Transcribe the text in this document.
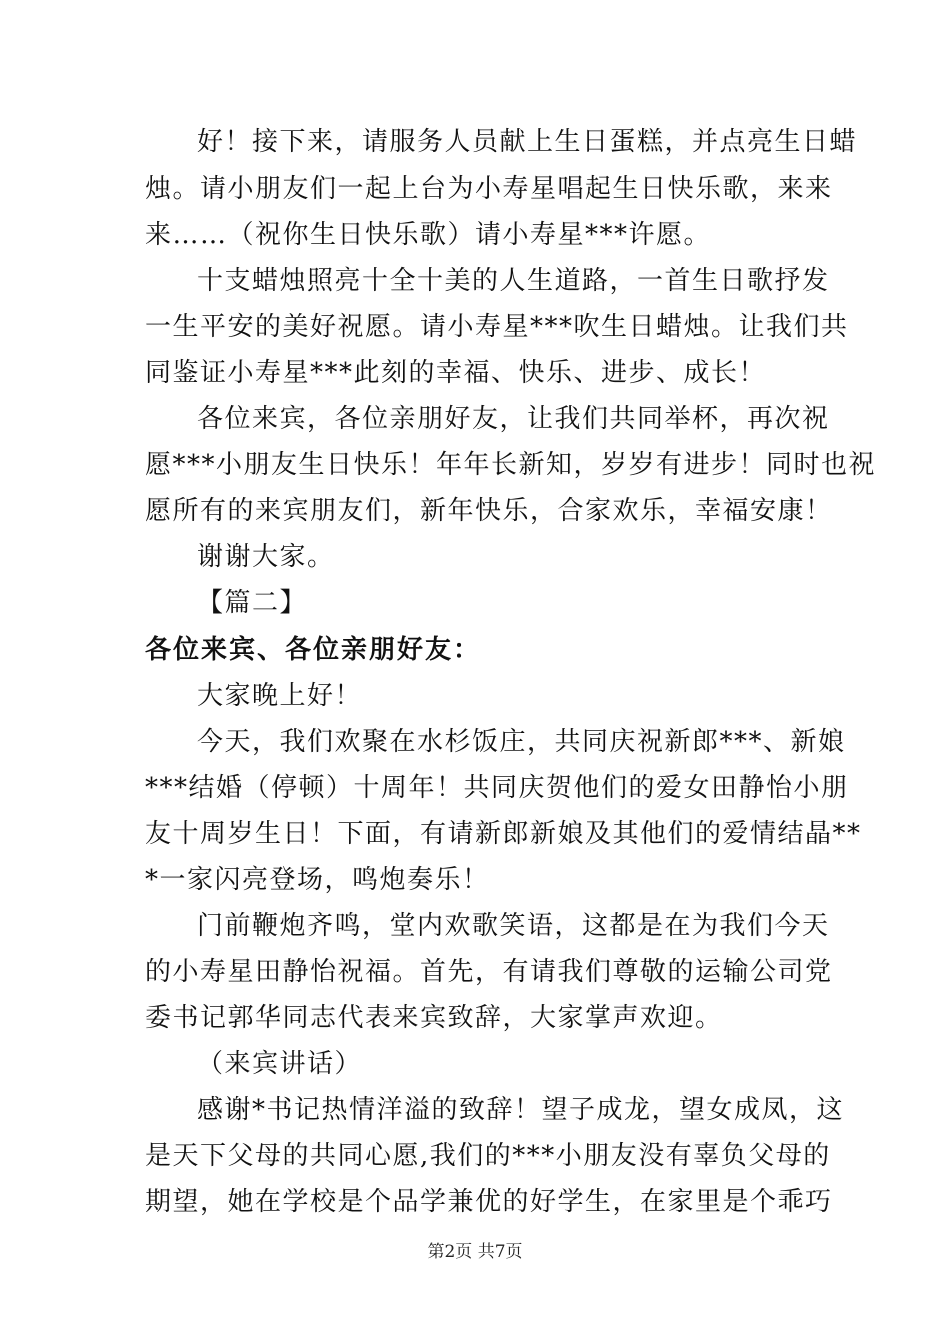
好！接下来，请服务人员献上生日蛋糕，并点亮生日蜡
烛。请小朋友们一起上台为小寿星唱起生日快乐歌，来来
来……（祝你生日快乐歌）请小寿星***许愿。
十支蜡烛照亮十全十美的人生道路，一首生日歌抒发
一生平安的美好祝愿。请小寿星***吹生日蜡烛。让我们共
同鉴证小寿星***此刻的幸福、快乐、进步、成长！
各位来宾，各位亲朋好友，让我们共同举杯，再次祝
愿***小朋友生日快乐！年年长新知，岁岁有进步！同时也祝
愿所有的来宾朋友们，新年快乐，合家欢乐，幸福安康！
谢谢大家。
【篇二】
各位来宾、各位亲朋好友：
大家晚上好！
今天，我们欢聚在水杉饭庄，共同庆祝新郎***、新娘
***结婚（停顿）十周年！共同庆贺他们的爱女田静怡小朋
友十周岁生日！下面，有请新郎新娘及其他们的爱情结晶**
*一家闪亮登场，鸣炮奏乐！
门前鞭炮齐鸣，堂内欢歌笑语，这都是在为我们今天
的小寿星田静怡祝福。首先，有请我们尊敬的运输公司党
委书记郭华同志代表来宾致辞，大家掌声欢迎。
（来宾讲话）
感谢*书记热情洋溢的致辞！望子成龙，望女成凤，这
是天下父母的共同心愿,我们的***小朋友没有辜负父母的
期望，她在学校是个品学兼优的好学生，在家里是个乖巧
第2页 共7页
